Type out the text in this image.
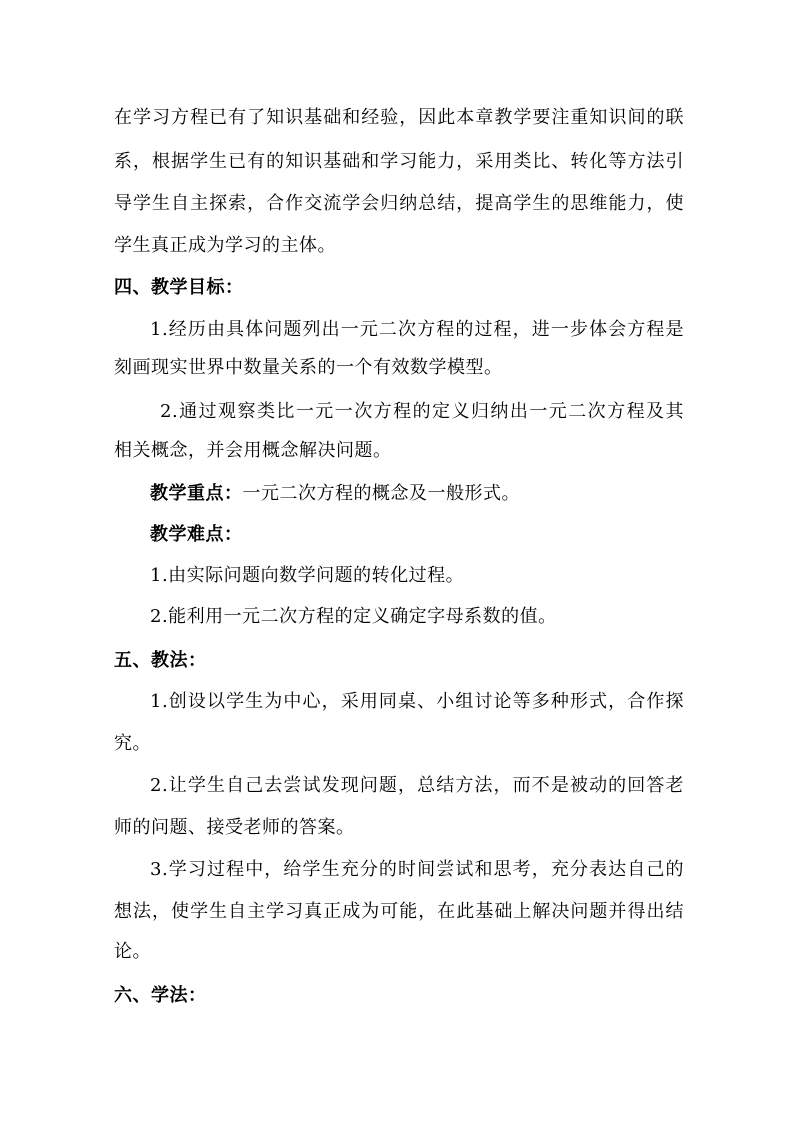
在学习方程已有了知识基础和经验，因此本章教学要注重知识间的联
系，根据学生已有的知识基础和学习能力，采用类比、转化等方法引
导学生自主探索，合作交流学会归纳总结，提高学生的思维能力，使
学生真正成为学习的主体。
四、教学目标：
1.经历由具体问题列出一元二次方程的过程，进一步体会方程是
刻画现实世界中数量关系的一个有效数学模型。
2.通过观察类比一元一次方程的定义归纳出一元二次方程及其
相关概念，并会用概念解决问题。
教学重点：一元二次方程的概念及一般形式。
教学难点：
1.由实际问题向数学问题的转化过程。
2.能利用一元二次方程的定义确定字母系数的值。
五、教法：
1.创设以学生为中心，采用同桌、小组讨论等多种形式，合作探
究。
2.让学生自己去尝试发现问题，总结方法，而不是被动的回答老
师的问题、接受老师的答案。
3.学习过程中，给学生充分的时间尝试和思考，充分表达自己的
想法，使学生自主学习真正成为可能，在此基础上解决问题并得出结
论。
六、学法：
